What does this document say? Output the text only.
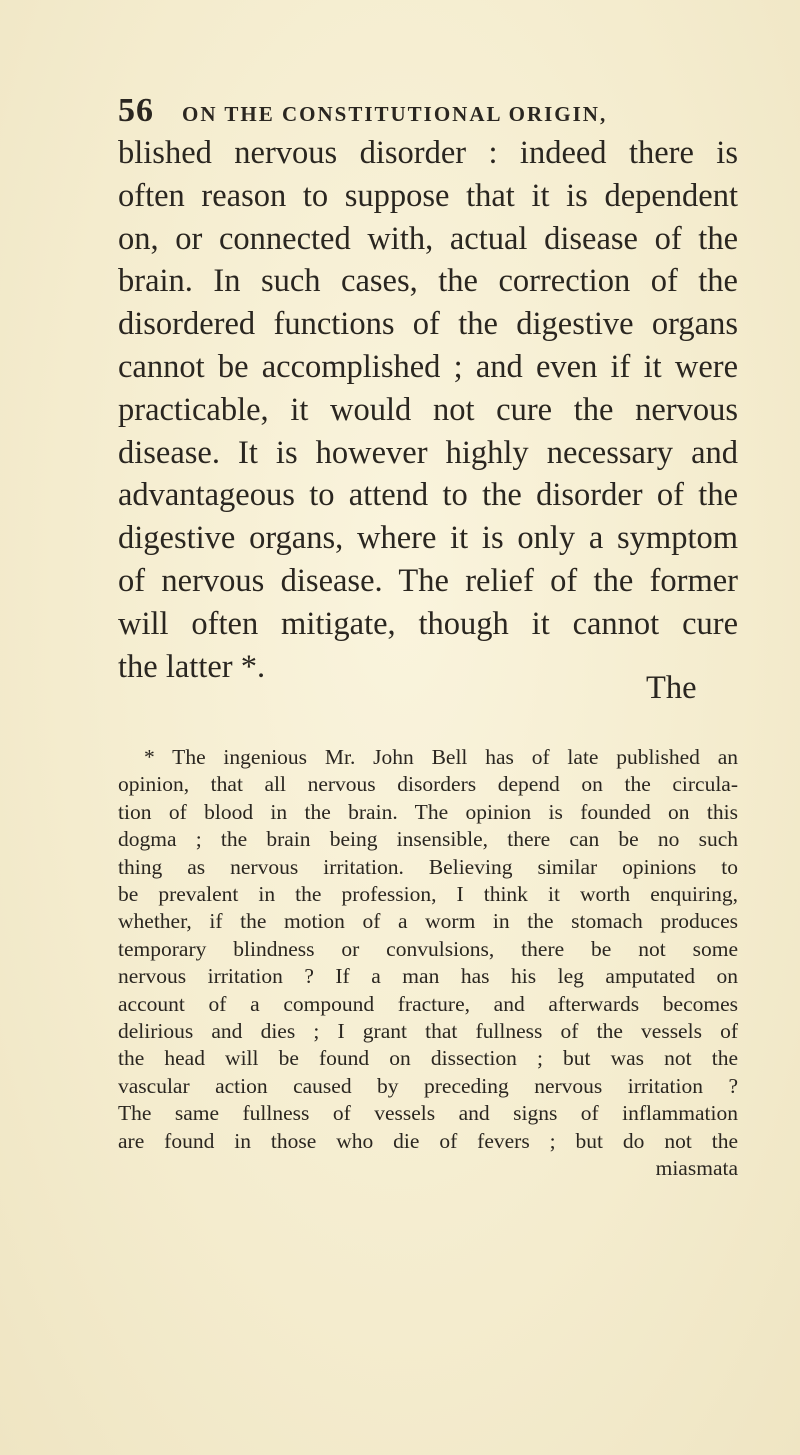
56 ON THE CONSTITUTIONAL ORIGIN,
blished nervous disorder : indeed there is
often reason to suppose that it is dependent
on, or connected with, actual disease of the
brain. In such cases, the correction of the
disordered functions of the digestive organs
cannot be accomplished ; and even if it were
practicable, it would not cure the nervous
disease. It is however highly necessary and
advantageous to attend to the disorder of the
digestive organs, where it is only a symptom
of nervous disease. The relief of the former
will often mitigate, though it cannot cure
the latter *.
The
* The ingenious Mr. John Bell has of late published an
opinion, that all nervous disorders depend on the circula-
tion of blood in the brain. The opinion is founded on this
dogma ; the brain being insensible, there can be no such
thing as nervous irritation. Believing similar opinions to
be prevalent in the profession, I think it worth enquiring,
whether, if the motion of a worm in the stomach produces
temporary blindness or convulsions, there be not some
nervous irritation ? If a man has his leg amputated on
account of a compound fracture, and afterwards becomes
delirious and dies ; I grant that fullness of the vessels of
the head will be found on dissection ; but was not the
vascular action caused by preceding nervous irritation ?
The same fullness of vessels and signs of inflammation
are found in those who die of fevers ; but do not the
miasmata
